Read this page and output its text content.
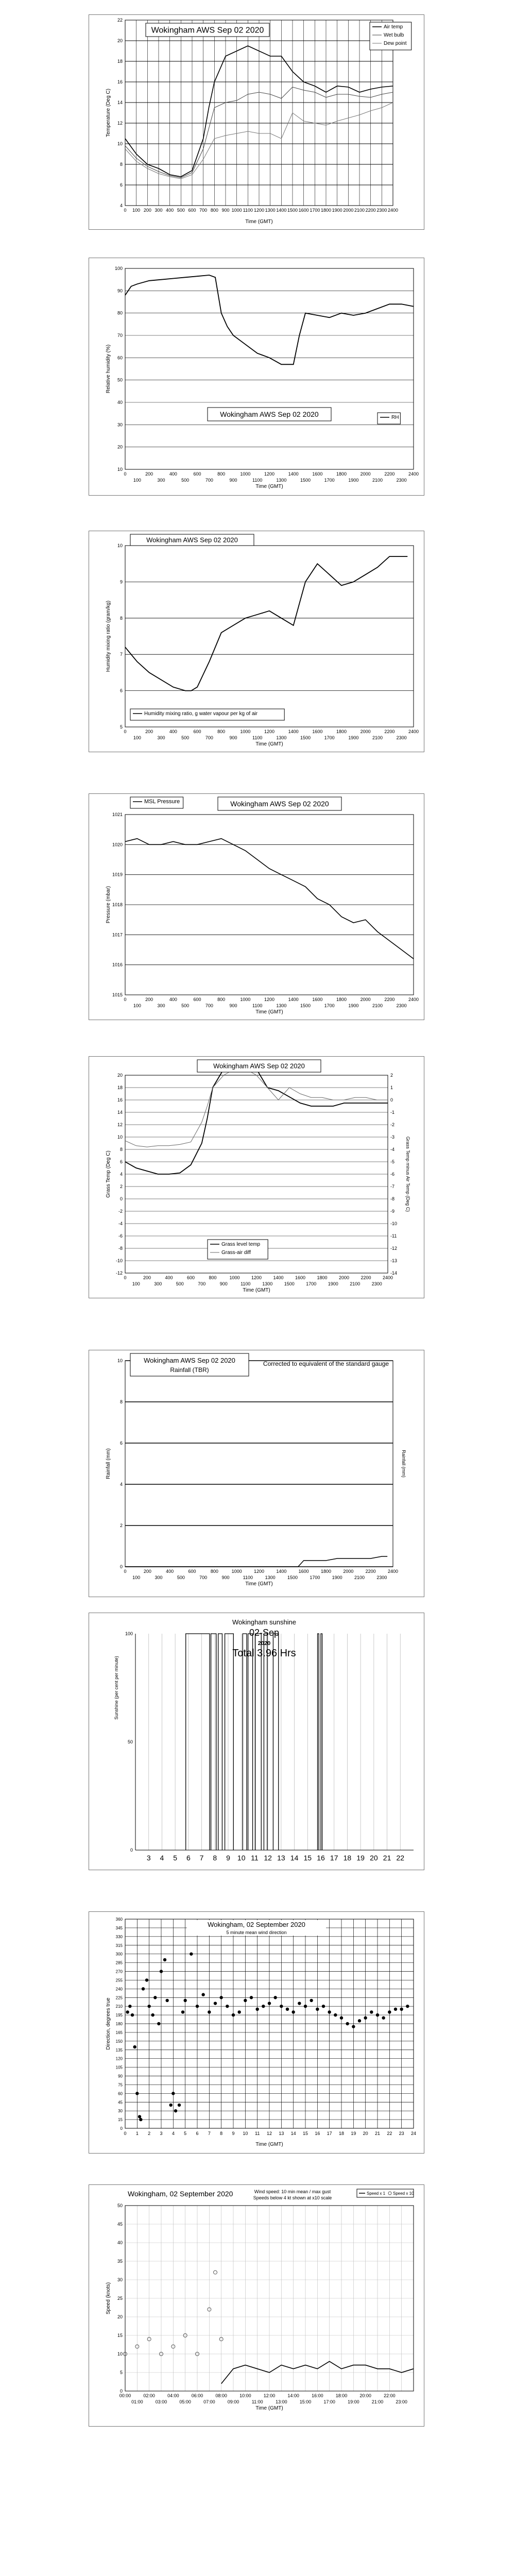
4
6
8
10
12
14
16
18
20
22
0 100 200 300 400 500 600 700 800 900 1000 1100 1200 1300 1400 1500 1600 1700 1800 1900 2000 2100 2200 2300 2400
Time (GMT)
Temperature (Deg C)
Wokingham AWS Sep 02 2020	Air temp
Wet bulb
Dew point
10
20
30
40
50
60
70
80
90
100
0
100
200
300
400
500
600
700
800
900
1000
1100
1200
1300
1400
1500
1600
1700
1800
1900
2000
2100
2200
2300
2400
Time (GMT)
Relative humidity (%)
Wokingham AWS Sep 02 2020	RH
5
6
7
8
9
10
0
100
200
300
400
500
600
700
800
900
1000
1100
1200
1300
1400
1500
1600
1700
1800
1900
2000
2100
2200
2300
2400
Time (GMT)
Humidity mixing ratio (gram/kg)
Wokingham AWS Sep 02 2020
Humidity mixing ratio, g water vapour per kg of air
1015
1016
1017
1018
1019
1020
1021
0
100
200
300
400
500
600
700
800
900
1000
1100
1200
1300
1400
1500
1600
1700
1800
1900
2000
2100
2200
2300
2400
Time (GMT)
Pressure (mbar)
MSL Pressure	Wokingham AWS Sep 02 2020
-12
-10
-8
-6
-4
-2
0
2
4
6
8
10
12
14
16
18
20
0
100
200
300
400
500
600
700
800
900
1000
1100
1200
1300
1400
1500
1600
1700
1800
1900
2000
2100
2200
2300
2400
Time (GMT)
Grass Temp (Deg C)
-14
-13
-12
-11
-10
-9
-8
-7
-6
-5
-4
-3
-2
-1
0
1
2
Grass Temp minus Air Temp (Deg C)
Wokingham AWS Sep 02 2020
Grass level temp
Grass-air diff
0
2
4
6
8
10
0
100
200
300
400
500
600
700
800
900
1000
1100
1200
1300
1400
1500
1600
1700
1800
1900
2000
2100
2200
2300
2400
Time (GMT)
Rainfall (mm)	Rainfall (mm)
Wokingham AWS Sep 02 2020
Rainfall (TBR)
Corrected to equivalent of the standard gauge
3 4 5 6 7 8 9 10 11 12 13 14 15 16 17 18 19 20 21 22
0
50
100
Sunshine (per cent per minute)
Wokingham sunshine
02-Sep
2020
Total 3.96 Hrs
0
15
30
45
60
75
90
105
120
135
150
165
180
195
210
225
240
255
270
285
300
315
330
345
360
0 1 2 3 4 5 6 7 8 9 10 11 12 13 14 15 16 17 18 19 20 21 22 23 24
Time (GMT)
Direction, degrees true
Wokingham, 02 September 2020
5 minute mean wind direction
0
5
10
15
20
25
30
35
40
45
50
00:00
01:00
02:00
03:00
04:00
05:00
06:00
07:00
08:00
09:00
10:00
11:00
12:00
13:00
14:00
15:00
16:00
17:00
18:00
19:00
20:00
21:00
22:00
23:00
Time (GMT)
Speed (knots)
Wokingham, 02 September 2020	Wind speed: 10 min mean / max gust
Speeds below 4 kt shown at x10 scale
Speed x 1 Speed x 10
